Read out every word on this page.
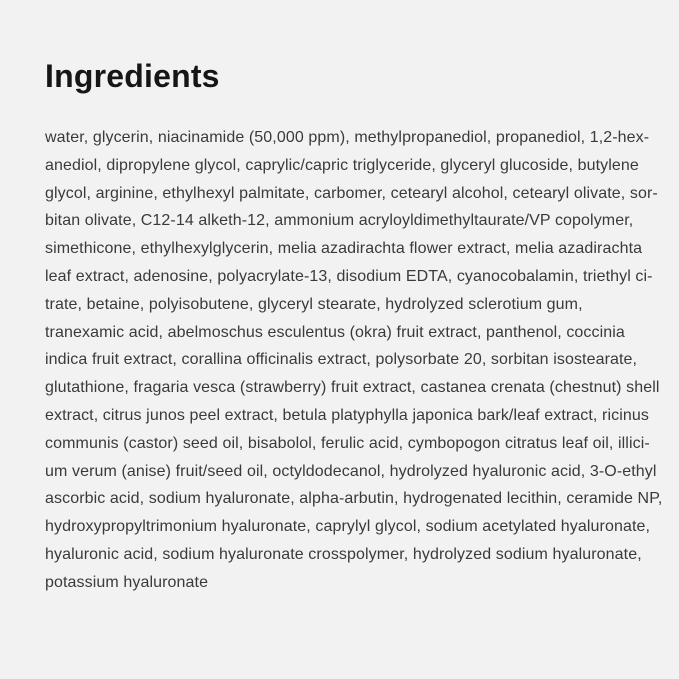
Ingredients
water, glycerin, niacinamide (50,000 ppm), methylpropanediol, propanediol, 1,2-hex-
anediol, dipropylene glycol, caprylic/capric triglyceride, glyceryl glucoside, butylene
glycol, arginine, ethylhexyl palmitate, carbomer, cetearyl alcohol, cetearyl olivate, sor-
bitan olivate, C12-14 alketh-12, ammonium acryloyldimethyltaurate/VP copolymer,
simethicone, ethylhexylglycerin, melia azadirachta flower extract, melia azadirachta
leaf extract, adenosine, polyacrylate-13, disodium EDTA, cyanocobalamin, triethyl ci-
trate, betaine, polyisobutene, glyceryl stearate, hydrolyzed sclerotium gum,
tranexamic acid, abelmoschus esculentus (okra) fruit extract, panthenol, coccinia
indica fruit extract, corallina officinalis extract, polysorbate 20, sorbitan isostearate,
glutathione, fragaria vesca (strawberry) fruit extract, castanea crenata (chestnut) shell
extract, citrus junos peel extract, betula platyphylla japonica bark/leaf extract, ricinus
communis (castor) seed oil, bisabolol, ferulic acid, cymbopogon citratus leaf oil, illici-
um verum (anise) fruit/seed oil, octyldodecanol, hydrolyzed hyaluronic acid, 3-O-ethyl
ascorbic acid, sodium hyaluronate, alpha-arbutin, hydrogenated lecithin, ceramide NP,
hydroxypropyltrimonium hyaluronate, caprylyl glycol, sodium acetylated hyaluronate,
hyaluronic acid, sodium hyaluronate crosspolymer, hydrolyzed sodium hyaluronate,
potassium hyaluronate
